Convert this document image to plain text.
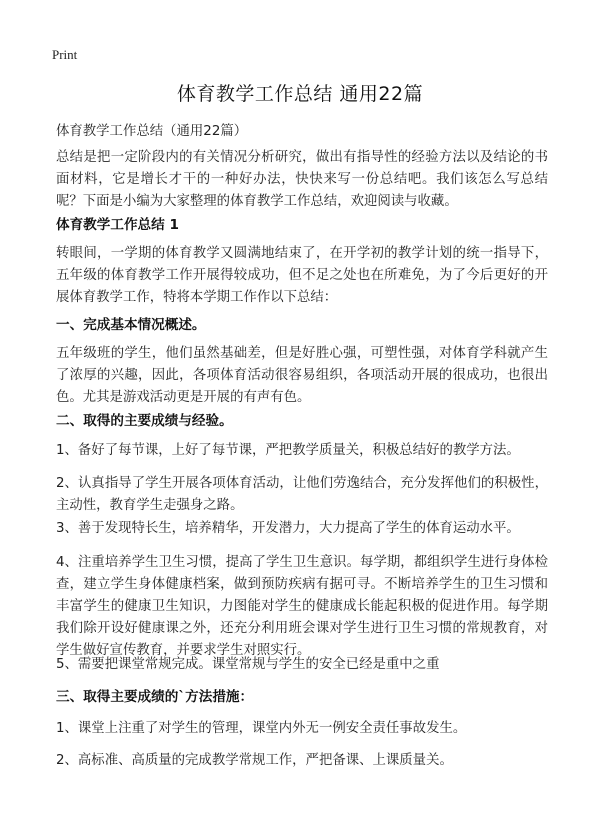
Print
体育教学工作总结 通用22篇
体育教学工作总结（通用22篇）
总结是把一定阶段内的有关情况分析研究，做出有指导性的经验方法以及结论的书面材料，它是增长才干的一种好办法，快快来写一份总结吧。我们该怎么写总结呢？下面是小编为大家整理的体育教学工作总结，欢迎阅读与收藏。
体育教学工作总结 1
转眼间，一学期的体育教学又圆满地结束了，在开学初的教学计划的统一指导下，五年级的体育教学工作开展得较成功，但不足之处也在所难免，为了今后更好的开展体育教学工作，特将本学期工作作以下总结：
一、完成基本情况概述。
五年级班的学生，他们虽然基础差，但是好胜心强，可塑性强，对体育学科就产生了浓厚的兴趣，因此，各项体育活动很容易组织，各项活动开展的很成功，也很出色。尤其是游戏活动更是开展的有声有色。
二、取得的主要成绩与经验。
1、备好了每节课，上好了每节课，严把教学质量关，积极总结好的教学方法。
2、认真指导了学生开展各项体育活动，让他们劳逸结合，充分发挥他们的积极性，主动性，教育学生走强身之路。
3、善于发现特长生，培养精华，开发潜力，大力提高了学生的体育运动水平。
4、注重培养学生卫生习惯，提高了学生卫生意识。每学期，都组织学生进行身体检查，建立学生身体健康档案，做到预防疾病有据可寻。不断培养学生的卫生习惯和丰富学生的健康卫生知识，力图能对学生的健康成长能起积极的促进作用。每学期我们除开设好健康课之外，还充分利用班会课对学生进行卫生习惯的常规教育，对学生做好宣传教育，并要求学生对照实行。
5、需要把课堂常规完成。课堂常规与学生的安全已经是重中之重
三、取得主要成绩的`方法措施：
1、课堂上注重了对学生的管理，课堂内外无一例安全责任事故发生。
2、高标准、高质量的完成教学常规工作，严把备课、上课质量关。
